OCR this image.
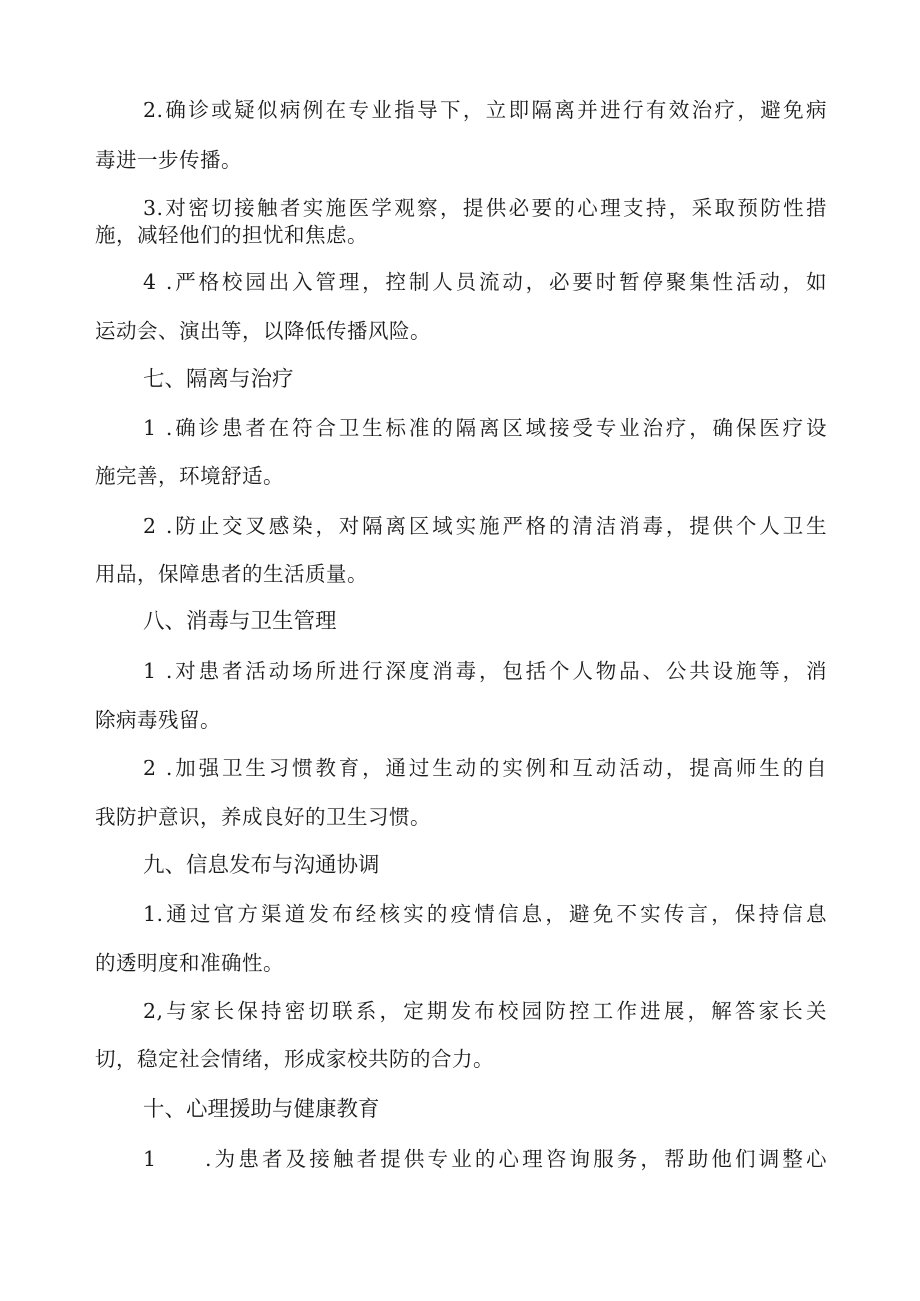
2.确诊或疑似病例在专业指导下，立即隔离并进行有效治疗，避免病
毒进一步传播。
3.对密切接触者实施医学观察，提供必要的心理支持，采取预防性措
施，减轻他们的担忧和焦虑。
4 .严格校园出入管理，控制人员流动，必要时暂停聚集性活动，如
运动会、演出等，以降低传播风险。
七、隔离与治疗
1 .确诊患者在符合卫生标准的隔离区域接受专业治疗，确保医疗设
施完善，环境舒适。
2 .防止交叉感染，对隔离区域实施严格的清洁消毒，提供个人卫生
用品，保障患者的生活质量。
八、消毒与卫生管理
1 .对患者活动场所进行深度消毒，包括个人物品、公共设施等，消
除病毒残留。
2 .加强卫生习惯教育，通过生动的实例和互动活动，提高师生的自
我防护意识，养成良好的卫生习惯。
九、信息发布与沟通协调
1.通过官方渠道发布经核实的疫情信息，避免不实传言，保持信息
的透明度和准确性。
2,与家长保持密切联系，定期发布校园防控工作进展，解答家长关
切，稳定社会情绪，形成家校共防的合力。
十、心理援助与健康教育
1 .为患者及接触者提供专业的心理咨询服务，帮助他们调整心
